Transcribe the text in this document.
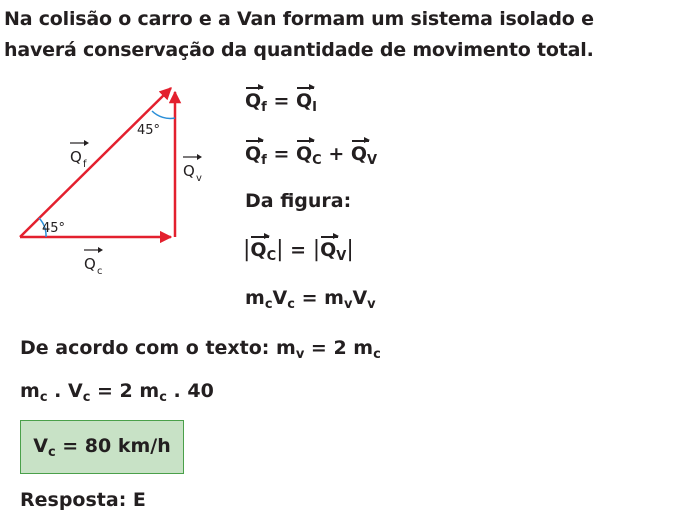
Na colisão o carro e a Van formam um sistema isolado e
haverá conservação da quantidade de movimento total.
45°
45°
Q f	Q v
Q c
$Q_f = Q_I$
$Q_f = Q_C + Q_V$
Da figura:
$|Q_C| = |Q_V|$
$m_cV_c = m_vV_v$
De acordo com o texto: $m_v = 2$ $m_c$
$m_c$ . $V_c = 2$ $m_c$ . 40
$V_c = 80$ km/h
Resposta: E
